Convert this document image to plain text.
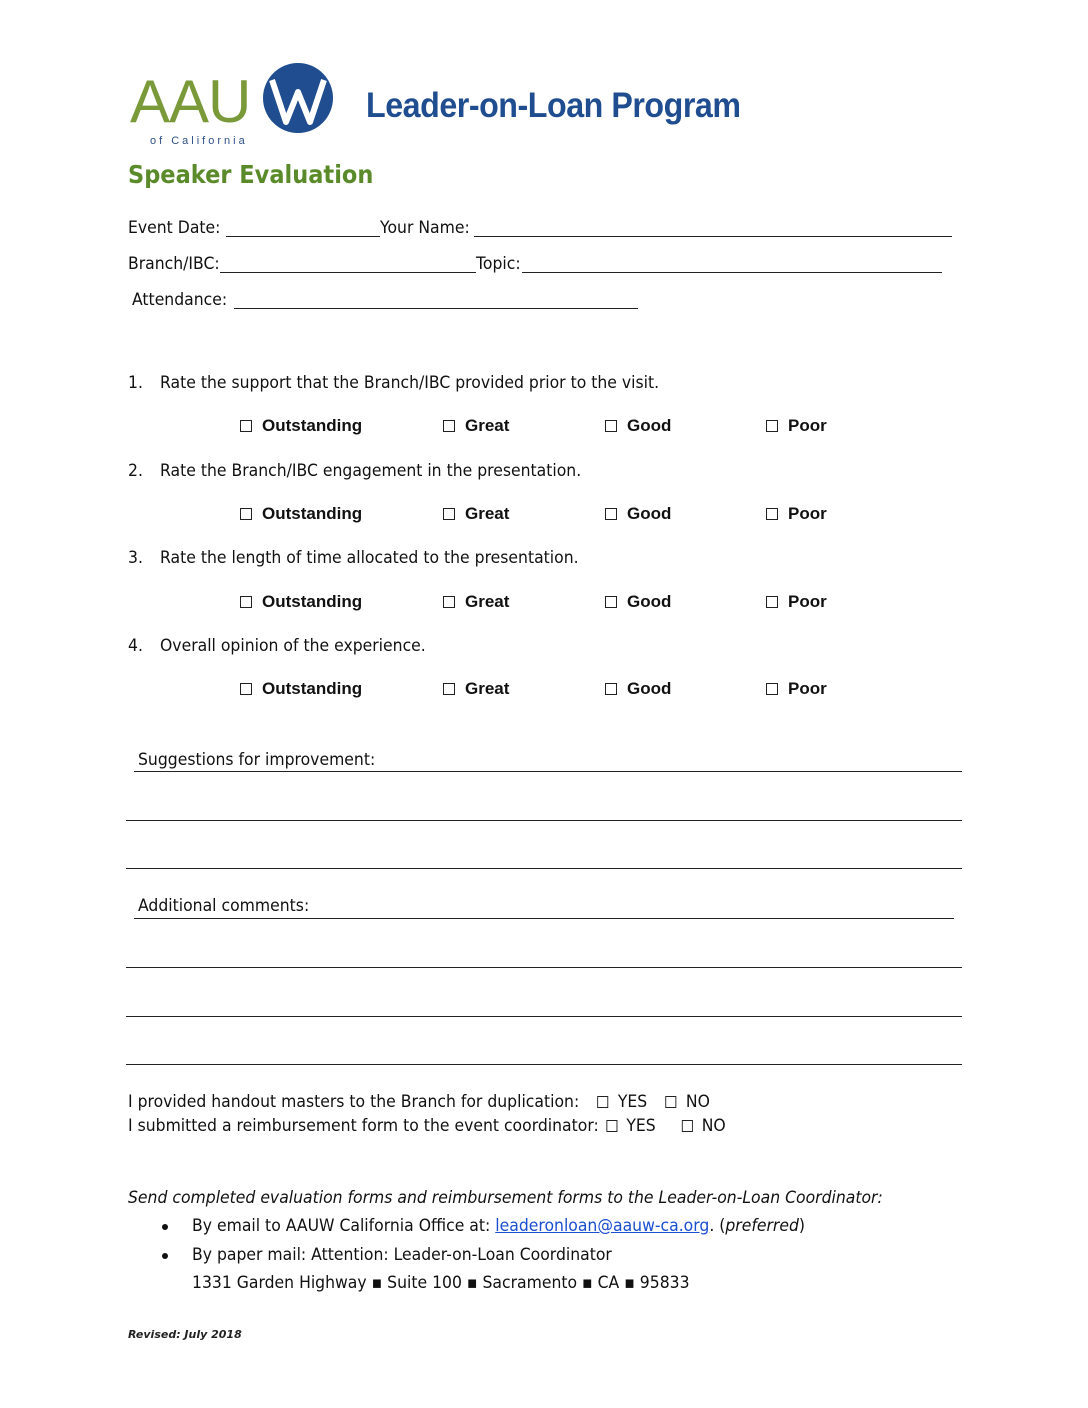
AAU
of California
Leader-on-Loan Program
Speaker Evaluation
Event Date:	Your Name:
Branch/IBC:	Topic:
Attendance:
1. Rate the support that the Branch/IBC provided prior to the visit.
Outstanding	Great	Good	Poor
2. Rate the Branch/IBC engagement in the presentation.
Outstanding	Great	Good	Poor
3. Rate the length of time allocated to the presentation.
Outstanding	Great	Good	Poor
4. Overall opinion of the experience.
Outstanding	Great	Good	Poor
Suggestions for improvement:
Additional comments:
I provided handout masters to the Branch for duplication: YES NO
I submitted a reimbursement form to the event coordinator: YES	NO
Send completed evaluation forms and reimbursement forms to the Leader-on-Loan Coordinator:
By email to AAUW California Office at: leaderonloan@aauw-ca.org. (preferred)
By paper mail: Attention: Leader-on-Loan Coordinator
1331 Garden Highway ▪ Suite 100 ▪ Sacramento ▪ CA ▪ 95833
Revised: July 2018
